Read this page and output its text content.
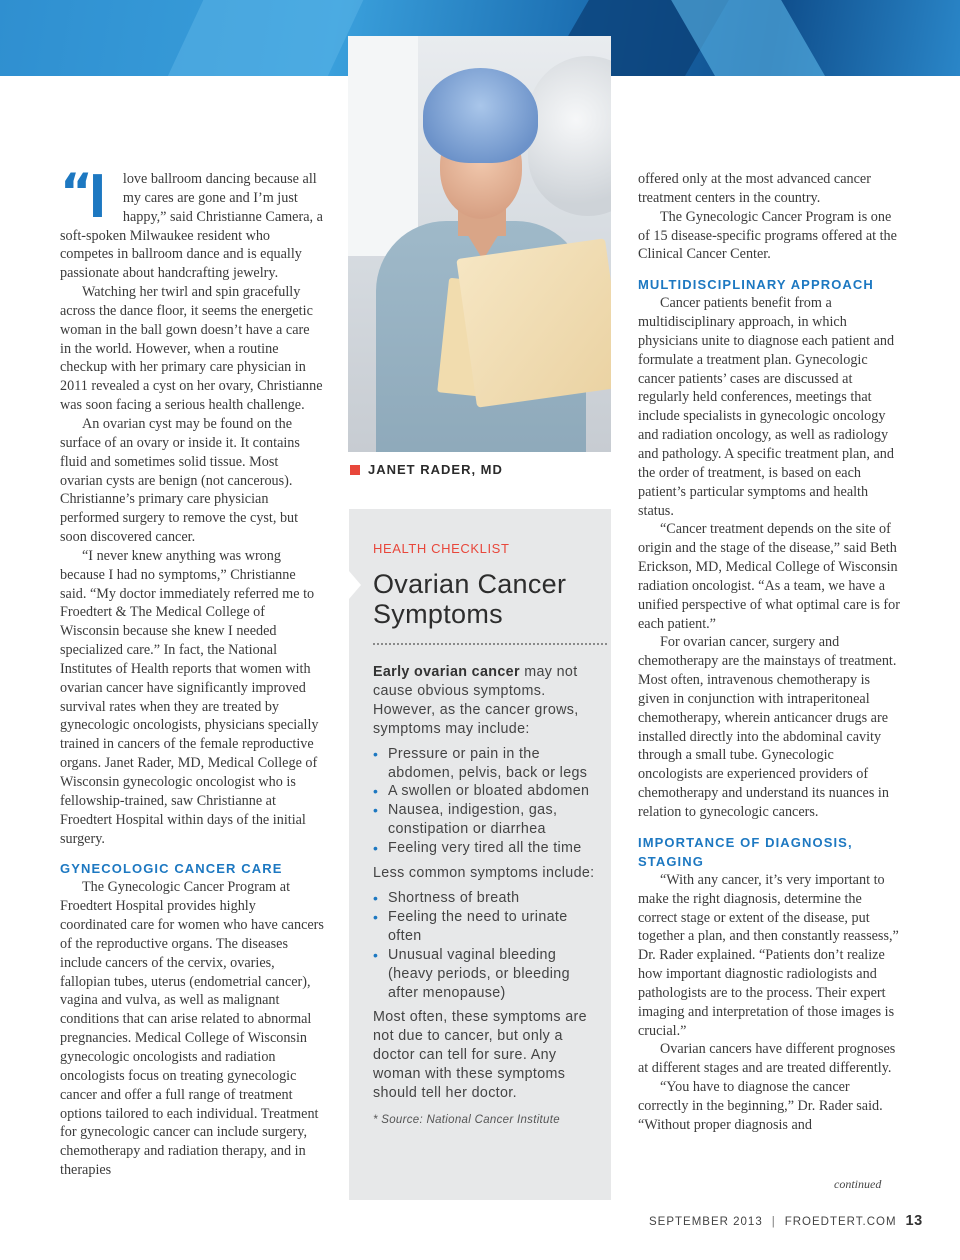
“ I	love ballroom dancing because all my cares are gone and I’m just happy,” said Christianne Camera, a soft-spoken Milwaukee resident who competes in ballroom dance and is equally passionate about handcrafting jewelry.

Watching her twirl and spin gracefully across the dance floor, it seems the energetic woman in the ball gown doesn’t have a care in the world. However, when a routine checkup with her primary care physician in 2011 revealed a cyst on her ovary, Christianne was soon facing a serious health challenge.

An ovarian cyst may be found on the surface of an ovary or inside it. It contains fluid and sometimes solid tissue. Most ovarian cysts are benign (not cancerous). Christianne’s primary care physician performed surgery to remove the cyst, but soon discovered cancer.

“I never knew anything was wrong because I had no symptoms,” Christianne said. “My doctor immediately referred me to Froedtert & The Medical College of Wisconsin because she knew I needed specialized care.” In fact, the National Institutes of Health reports that women with ovarian cancer have significantly improved survival rates when they are treated by gynecologic oncologists, physicians specially trained in cancers of the female reproductive organs. Janet Rader, MD, Medical College of Wisconsin gynecologic oncologist who is fellowship-trained, saw Christianne at Froedtert Hospital within days of the initial surgery.

GYNECOLOGIC CANCER CARE

The Gynecologic Cancer Program at Froedtert Hospital provides highly coordinated care for women who have cancers of the reproductive organs. The diseases include cancers of the cervix, ovaries, fallopian tubes, uterus (endometrial cancer), vagina and vulva, as well as malignant conditions that can arise related to abnormal pregnancies. Medical College of Wisconsin gynecologic oncologists and radiation oncologists focus on treating gynecologic cancer and offer a full range of treatment options tailored to each individual. Treatment for gynecologic cancer can include surgery, chemotherapy and radiation therapy, and in therapies

JANET RADER, MD
HEALTH CHECKLIST
Ovarian Cancer
Symptoms
Early ovarian cancer may not cause obvious symptoms. However, as the cancer grows, symptoms may include:
• Pressure or pain in the abdomen, pelvis, back or legs
• A swollen or bloated abdomen
• Nausea, indigestion, gas, constipation or diarrhea
• Feeling very tired all the time
Less common symptoms include:
• Shortness of breath
• Feeling the need to urinate often
• Unusual vaginal bleeding (heavy periods, or bleeding after menopause)
Most often, these symptoms are not due to cancer, but only a doctor can tell for sure. Any woman with these symptoms should tell her doctor.
* Source: National Cancer Institute

offered only at the most advanced cancer treatment centers in the country.

The Gynecologic Cancer Program is one of 15 disease-specific programs offered at the Clinical Cancer Center.

MULTIDISCIPLINARY APPROACH

Cancer patients benefit from a multidisciplinary approach, in which physicians unite to diagnose each patient and formulate a treatment plan. Gynecologic cancer patients’ cases are discussed at regularly held conferences, meetings that include specialists in gynecologic oncology and radiation oncology, as well as radiology and pathology. A specific treatment plan, and the order of treatment, is based on each patient’s particular symptoms and health status.

“Cancer treatment depends on the site of origin and the stage of the disease,” said Beth Erickson, MD, Medical College of Wisconsin radiation oncologist. “As a team, we have a unified perspective of what optimal care is for each patient.”

For ovarian cancer, surgery and chemotherapy are the mainstays of treatment. Most often, intravenous chemotherapy is given in conjunction with intraperitoneal chemotherapy, wherein anticancer drugs are installed directly into the abdominal cavity through a small tube. Gynecologic oncologists are experienced providers of chemotherapy and understand its nuances in relation to gynecologic cancers.

IMPORTANCE OF DIAGNOSIS, STAGING

“With any cancer, it’s very important to make the right diagnosis, determine the correct stage or extent of the disease, put together a plan, and then constantly reassess,” Dr. Rader explained. “Patients don’t realize how important diagnostic radiologists and pathologists are to the process. Their expert imaging and interpretation of those images is crucial.”

Ovarian cancers have different prognoses at different stages and are treated differently.

“You have to diagnose the cancer correctly in the beginning,” Dr. Rader said. “Without proper diagnosis and

continued
SEPTEMBER 2013 | FROEDTERT.COM 13
